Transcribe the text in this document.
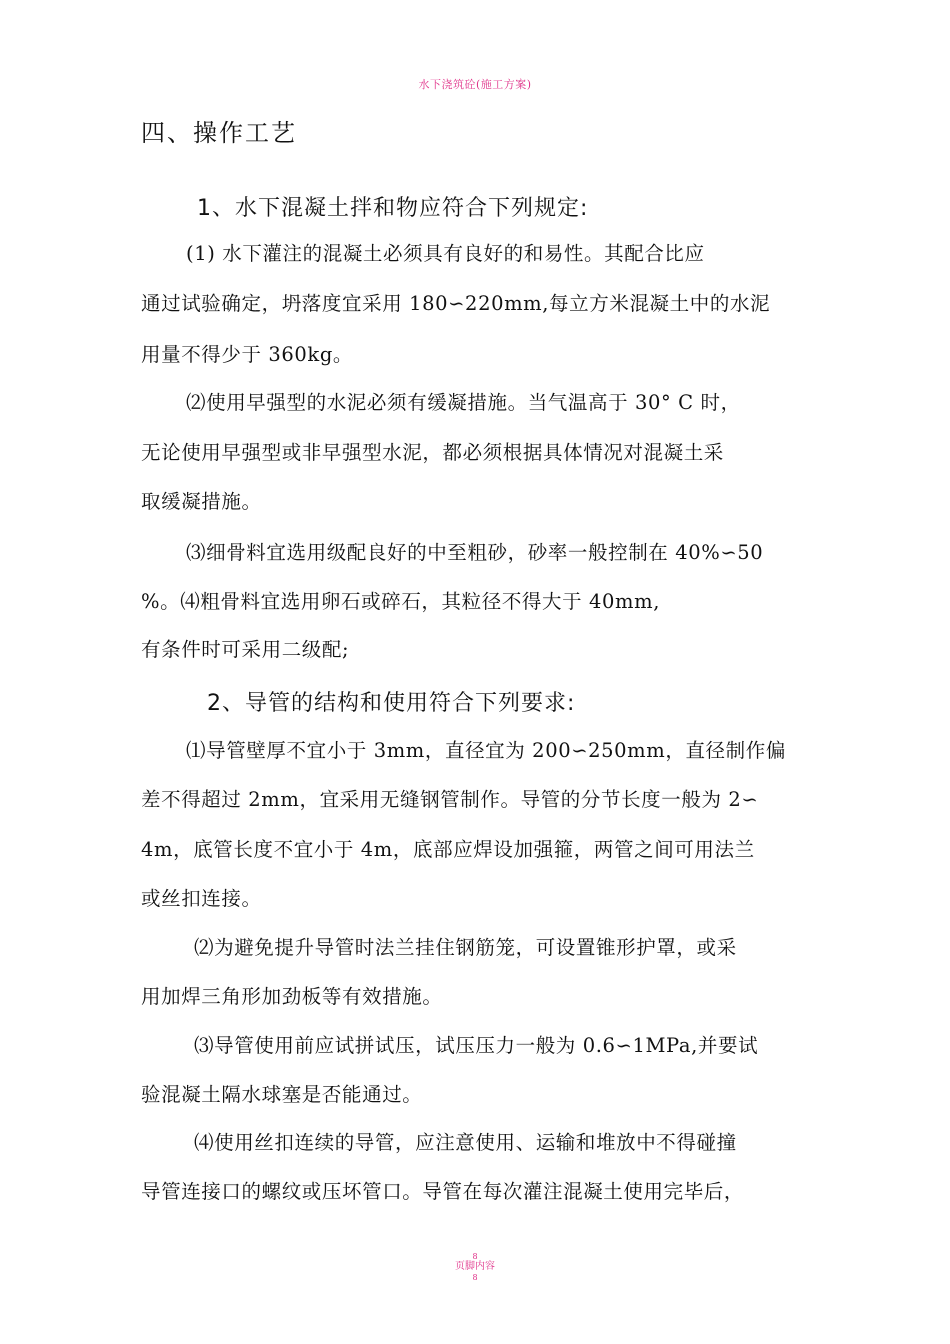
水下浇筑砼(施工方案)
四、操作工艺
1、水下混凝土拌和物应符合下列规定:
(1) 水下灌注的混凝土必须具有良好的和易性。其配合比应
通过试验确定，坍落度宜采用 180∽220mm,每立方米混凝土中的水泥
用量不得少于 360kg。
⑵使用早强型的水泥必须有缓凝措施。当气温高于 30° C 时，
无论使用早强型或非早强型水泥，都必须根据具体情况对混凝土采
取缓凝措施。
⑶细骨料宜选用级配良好的中至粗砂，砂率一般控制在 40%∽50
%。⑷粗骨料宜选用卵石或碎石，其粒径不得大于 40mm,
有条件时可采用二级配;
2、导管的结构和使用符合下列要求:
⑴导管壁厚不宜小于 3mm，直径宜为 200∽250mm，直径制作偏
差不得超过 2mm，宜采用无缝钢管制作。导管的分节长度一般为 2∽
4m，底管长度不宜小于 4m，底部应焊设加强箍，两管之间可用法兰
或丝扣连接。
⑵为避免提升导管时法兰挂住钢筋笼，可设置锥形护罩，或采
用加焊三角形加劲板等有效措施。
⑶导管使用前应试拼试压，试压压力一般为 0.6∽1MPa,并要试
验混凝土隔水球塞是否能通过。
⑷使用丝扣连续的导管，应注意使用、运输和堆放中不得碰撞
导管连接口的螺纹或压坏管口。导管在每次灌注混凝土使用完毕后，
8
页脚内容
8
